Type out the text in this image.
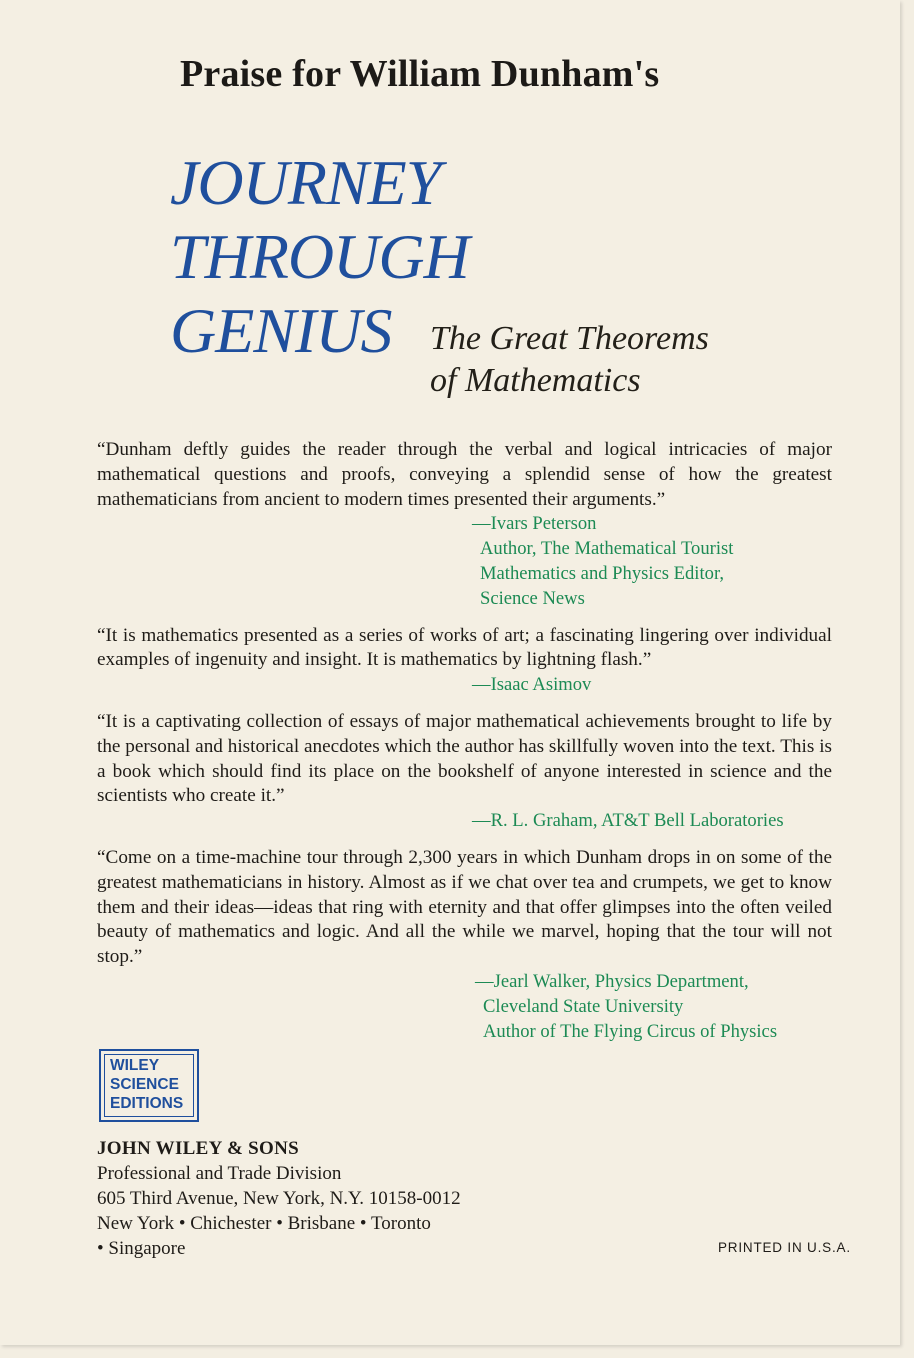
Praise for William Dunham's
JOURNEY
THROUGH
GENIUS	The Great Theorems
of Mathematics

“Dunham deftly guides the reader through the verbal and logical intricacies of major mathematical questions and proofs, conveying a splendid sense of how the greatest mathematicians from ancient to modern times presented their arguments.”

—Ivars Peterson
Author, The Mathematical Tourist
Mathematics and Physics Editor,
Science News

“It is mathematics presented as a series of works of art; a fascinating lingering over individual examples of ingenuity and insight. It is mathematics by lightning flash.”

—Isaac Asimov

“It is a captivating collection of essays of major mathematical achievements brought to life by the personal and historical anecdotes which the author has skillfully woven into the text. This is a book which should find its place on the bookshelf of anyone interested in science and the scientists who create it.”

—R. L. Graham, AT&T Bell Laboratories

“Come on a time-machine tour through 2,300 years in which Dunham drops in on some of the greatest mathematicians in history. Almost as if we chat over tea and crumpets, we get to know them and their ideas—ideas that ring with eternity and that offer glimpses into the often veiled beauty of mathematics and logic. And all the while we marvel, hoping that the tour will not stop.”

—Jearl Walker, Physics Department,
Cleveland State University
Author of The Flying Circus of Physics
WILEY
SCIENCE
EDITIONS
JOHN WILEY & SONS
Professional and Trade Division
605 Third Avenue, New York, N.Y. 10158-0012
New York • Chichester • Brisbane • Toronto
• Singapore	PRINTED IN U.S.A.
